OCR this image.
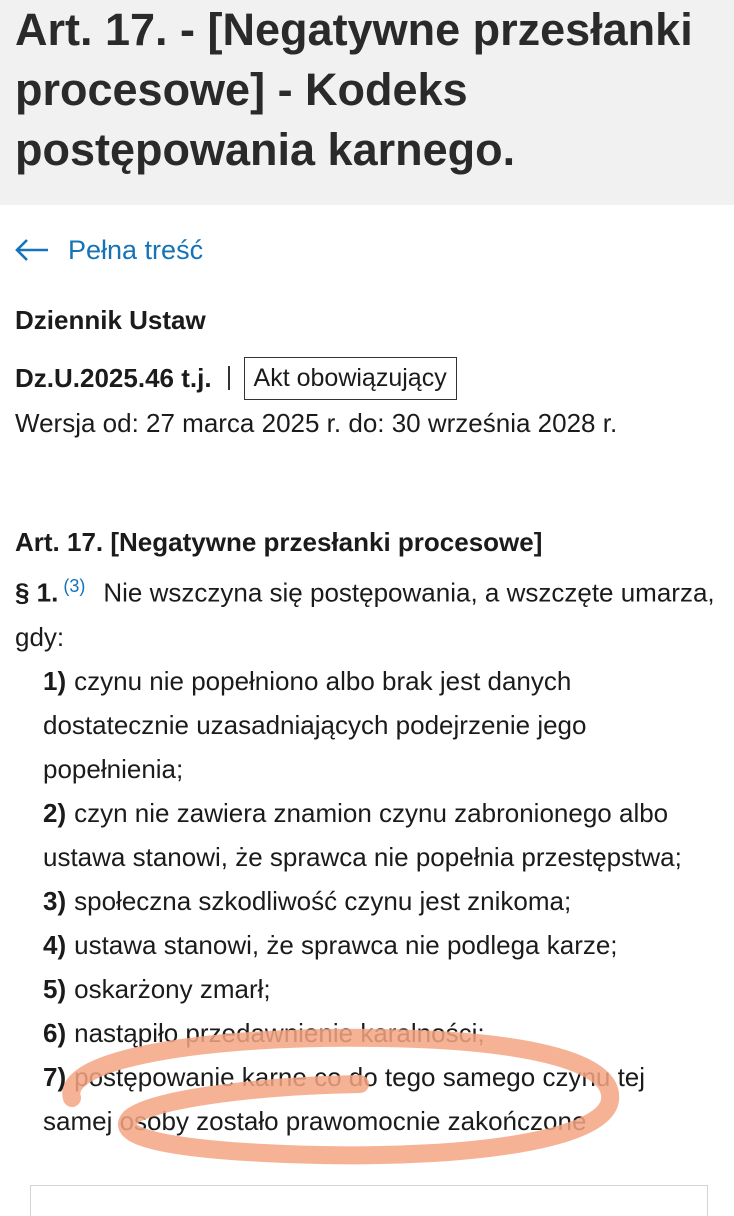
Art. 17. - [Negatywne przesłanki procesowe] - Kodeks postępowania karnego.
Pełna treść
Dziennik Ustaw
Dz.U.2025.46 t.j.	Akt obowiązujący
Wersja od: 27 marca 2025 r. do: 30 września 2028 r.

Art. 17. [Negatywne przesłanki procesowe]

§ 1. $^{(3)}$ Nie wszczyna się postępowania, a wszczęte umarza, gdy:

1) czynu nie popełniono albo brak jest danych dostatecznie uzasadniających podejrzenie jego popełnienia;
2) czyn nie zawiera znamion czynu zabronionego albo ustawa stanowi, że sprawca nie popełnia przestępstwa;
3) społeczna szkodliwość czynu jest znikoma;
4) ustawa stanowi, że sprawca nie podlega karze;
5) oskarżony zmarł;
6) nastąpiło przedawnienie karalności;
7) postępowanie karne co do tego samego czynu tej samej osoby zostało prawomocnie zakończone
